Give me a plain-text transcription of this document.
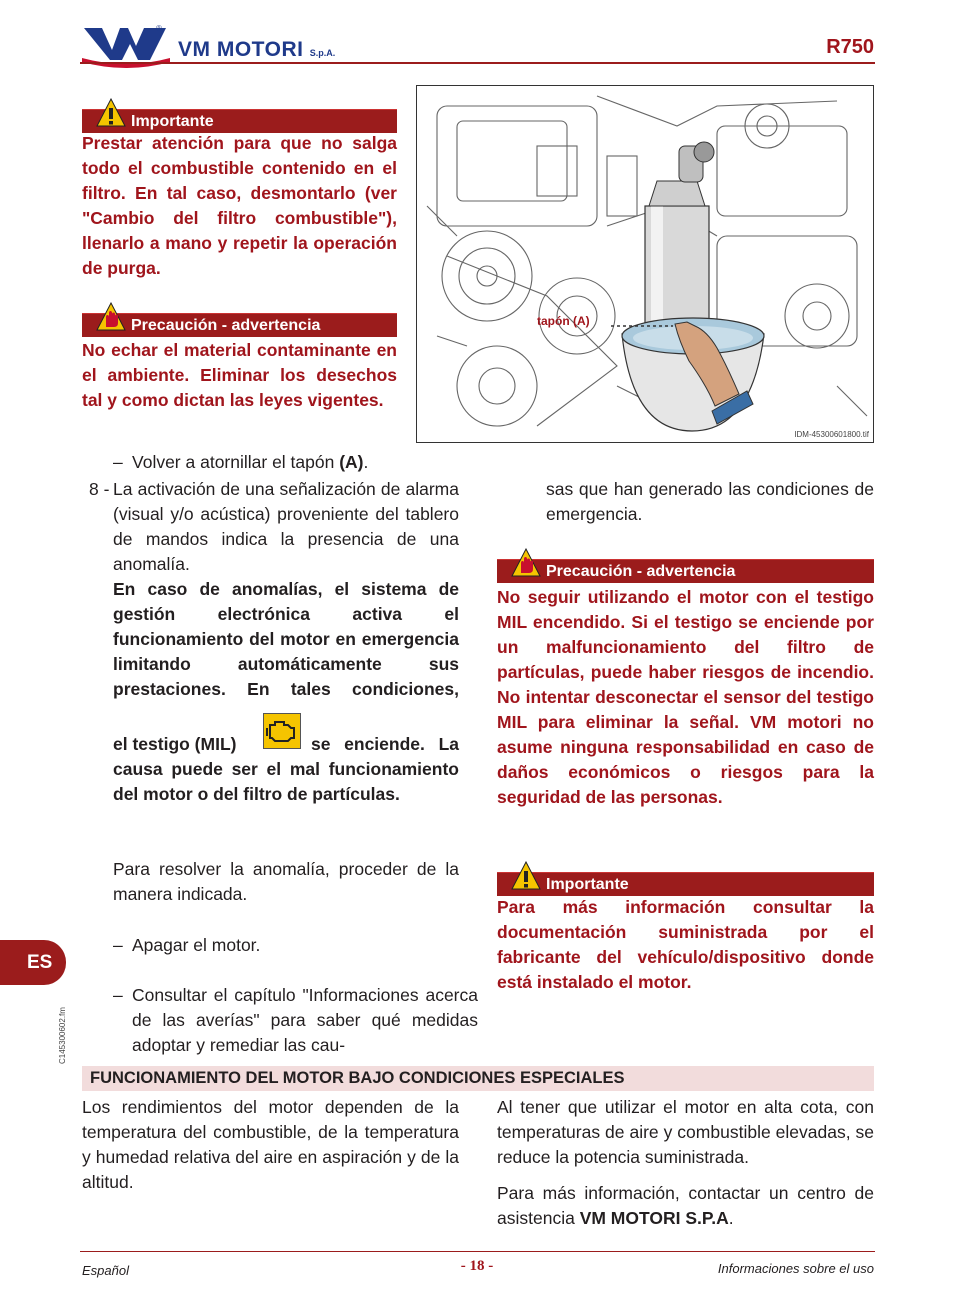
®
VM MOTORI S.p.A.	R750
Importante
Prestar atención para que no salga todo el combustible contenido en el filtro. En tal caso, desmontarlo (ver "Cambio del filtro combustible"), llenarlo a mano y repetir la operación de purga.
Precaución - advertencia
No echar el material contaminante en el ambiente. Eliminar los desechos tal y como dictan las leyes vigentes.
tapón (A)
IDM-45300601800.tif
– Volver a atornillar el tapón (A).
8 - La activación de una señalización de alarma (visual y/o acústica) proveniente del tablero de mandos indica la presencia de una anomalía.
En caso de anomalías, el sistema de gestión electrónica activa el funcionamiento del motor en emergencia limitando automáticamente sus prestaciones. En tales condiciones,
el testigo (MIL)	se enciende. La causa puede ser el mal funcionamiento del motor o del filtro de partículas.
Para resolver la anomalía, proceder de la manera indicada.
– Apagar el motor.
– Consultar el capítulo "Informaciones acerca de las averías" para saber qué medidas adoptar y remediar las cau-
ES
C145300602.fm
sas que han generado las condiciones de emergencia.
Precaución - advertencia
No seguir utilizando el motor con el testigo MIL encendido. Si el testigo se enciende por un malfuncionamiento del filtro de partículas, puede haber riesgos de incendio. No intentar desconectar el sensor del testigo MIL para eliminar la señal. VM motori no asume ninguna responsabilidad en caso de daños económicos o riesgos para la seguridad de las personas.
Importante
Para más información consultar la documentación suministrada por el fabricante del vehículo/dispositivo donde está instalado el motor.
FUNCIONAMIENTO DEL MOTOR BAJO CONDICIONES ESPECIALES
Los rendimientos del motor dependen de la temperatura del combustible, de la temperatura y humedad relativa del aire en aspiración y de la altitud.
Al tener que utilizar el motor en alta cota, con temperaturas de aire y combustible elevadas, se reduce la potencia suministrada.
Para más información, contactar un centro de asistencia VM MOTORI S.P.A.
Español	- 18 -	Informaciones sobre el uso
